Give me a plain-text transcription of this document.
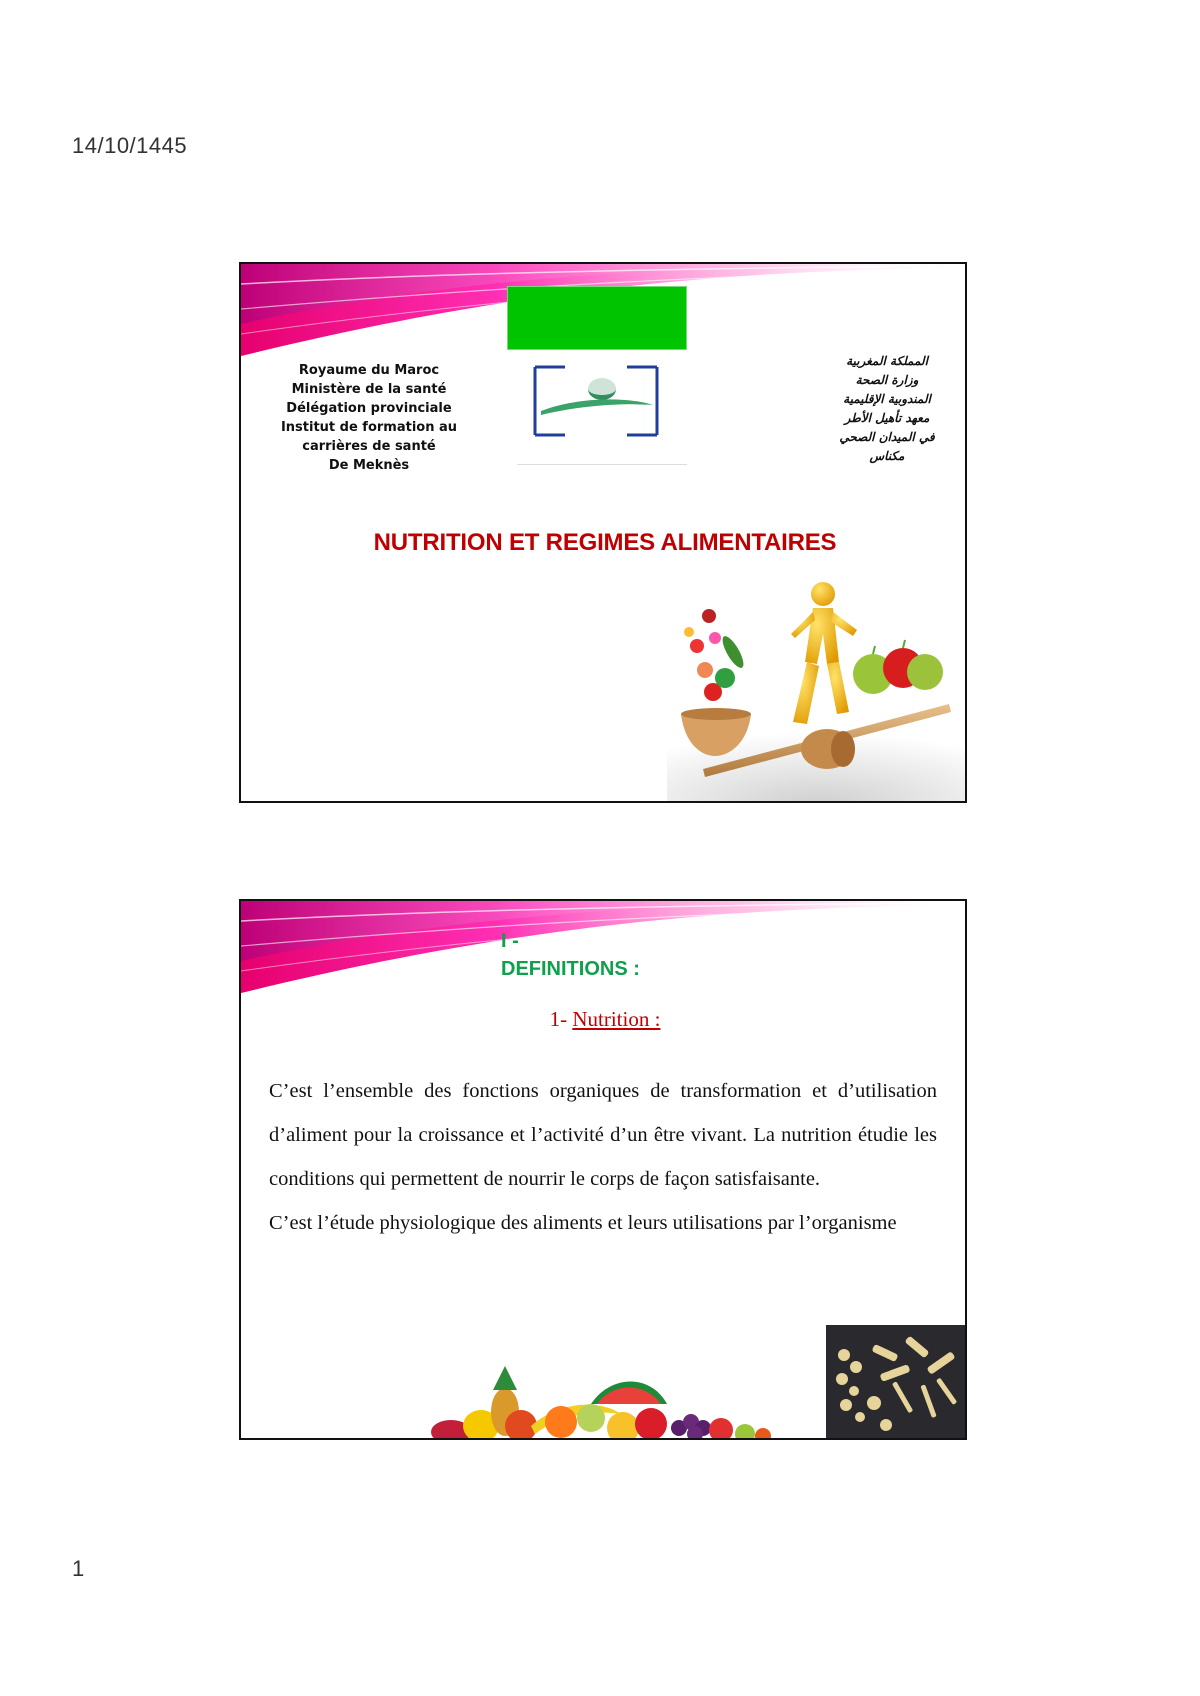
14/10/1445
Royaume du Maroc
Ministère de la santé
Délégation provinciale
Institut de formation au
carrières de santé
De Meknès
المملكة المغربية
وزارة الصحة
المندوبية الإقليمية
معهد تأهيل الأطر
في الميدان الصحي
مكناس
NUTRITION ET REGIMES ALIMENTAIRES
I -
DEFINITIONS :
1- Nutrition :

C’est l’ensemble des fonctions organiques de transformation et d’utilisation d’aliment pour la croissance et l’activité d’un être vivant. La nutrition étudie les conditions qui permettent de nourrir le corps de façon satisfaisante.

C’est l’étude physiologique des aliments et leurs utilisations par l’organisme

1
